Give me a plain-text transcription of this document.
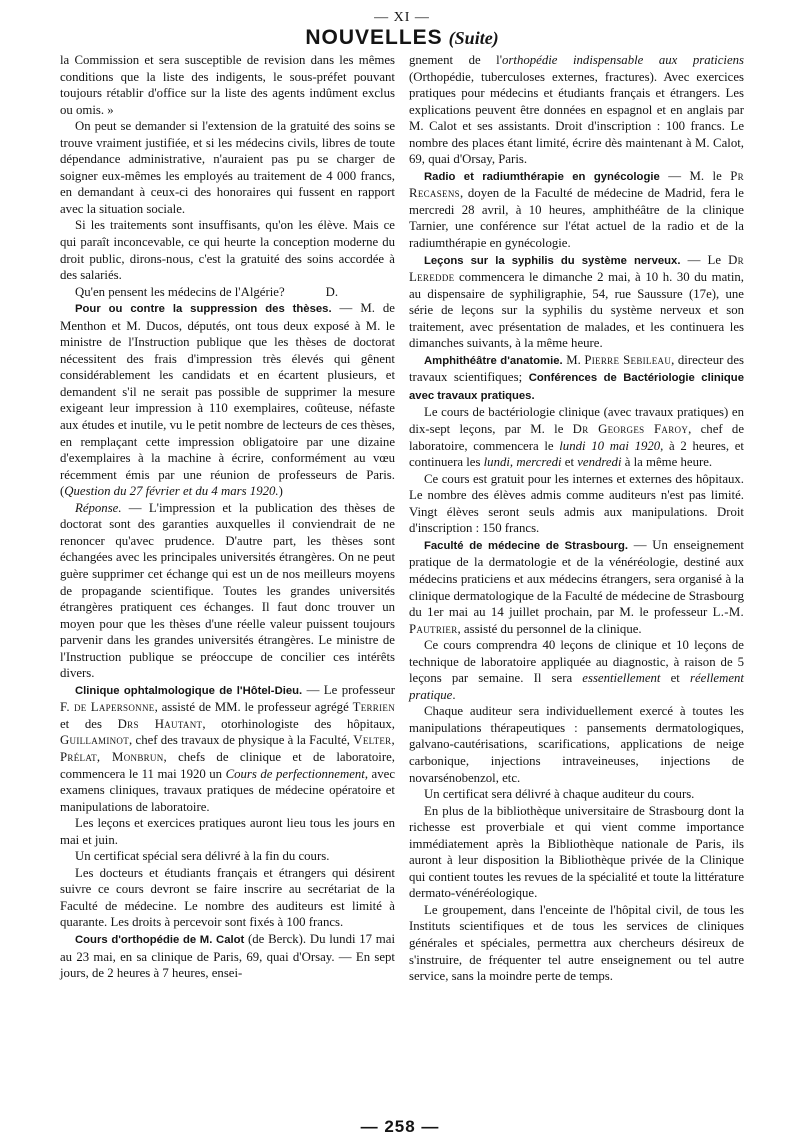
— XI —
NOUVELLES (Suite)

la Commission et sera susceptible de revision dans les mêmes conditions que la liste des indigents, le sous-préfet pouvant toujours rétablir d'office sur la liste des agents indûment exclus ou omis. »

On peut se demander si l'extension de la gratuité des soins se trouve vraiment justifiée, et si les médecins civils, libres de toute dépendance administrative, n'auraient pas pu se charger de soigner eux-mêmes les employés au traitement de 4 000 francs, en demandant à ceux-ci des honoraires qui fussent en rapport avec la situation sociale.

Si les traitements sont insuffisants, qu'on les élève. Mais ce qui paraît inconcevable, ce qui heurte la conception moderne du droit public, dirons-nous, c'est la gratuité des soins accordée à des salariés.

Qu'en pensent les médecins de l'Algérie?	D.

Pour ou contre la suppression des thèses. — M. de Menthon et M. Ducos, députés, ont tous deux exposé à M. le ministre de l'Instruction publique que les thèses de doctorat nécessitent des frais d'impression très élevés qui gênent considérablement les candidats et en écartent plusieurs, et demandent s'il ne serait pas possible de supprimer la mesure exigeant leur impression à 110 exemplaires, coûteuse, néfaste aux études et inutile, vu le petit nombre de lecteurs de ces thèses, en remplaçant cette impression obligatoire par une dizaine d'exemplaires à la machine à écrire, conformément au vœu récemment émis par une réunion de professeurs de Paris. (Question du 27 février et du 4 mars 1920.)

Réponse. — L'impression et la publication des thèses de doctorat sont des garanties auxquelles il conviendrait de ne renoncer qu'avec prudence. D'autre part, les thèses sont échangées avec les principales universités étrangères. On ne peut guère supprimer cet échange qui est un de nos meilleurs moyens de propagande scientifique. Toutes les grandes universités étrangères pratiquent ces échanges. Il faut donc trouver un moyen pour que les thèses d'une réelle valeur puissent toujours parvenir dans les grandes universités étrangères. Le ministre de l'Instruction publique se préoccupe de concilier ces intérêts divers.

Clinique ophtalmologique de l'Hôtel-Dieu. — Le professeur F. de Lapersonne, assisté de MM. le professeur agrégé Terrien et des Drs Hautant, otorhinologiste des hôpitaux, Guillaminot, chef des travaux de physique à la Faculté, Velter, Prélat, Monbrun, chefs de clinique et de laboratoire, commencera le 11 mai 1920 un Cours de perfectionnement, avec examens cliniques, travaux pratiques de médecine opératoire et manipulations de laboratoire.

Les leçons et exercices pratiques auront lieu tous les jours en mai et juin.

Un certificat spécial sera délivré à la fin du cours.

Les docteurs et étudiants français et étrangers qui désirent suivre ce cours devront se faire inscrire au secrétariat de la Faculté de médecine. Le nombre des auditeurs est limité à quarante. Les droits à percevoir sont fixés à 100 francs.

Cours d'orthopédie de M. Calot (de Berck). Du lundi 17 mai au 23 mai, en sa clinique de Paris, 69, quai d'Orsay. — En sept jours, de 2 heures à 7 heures, ensei-

gnement de l'orthopédie indispensable aux praticiens (Orthopédie, tuberculoses externes, fractures). Avec exercices pratiques pour médecins et étudiants français et étrangers. Les explications peuvent être données en espagnol et en anglais par M. Calot et ses assistants. Droit d'inscription : 100 francs. Le nombre des places étant limité, écrire dès maintenant à M. Calot, 69, quai d'Orsay, Paris.

Radio et radiumthérapie en gynécologie — M. le Pr Recasens, doyen de la Faculté de médecine de Madrid, fera le mercredi 28 avril, à 10 heures, amphithéâtre de la clinique Tarnier, une conférence sur l'état actuel de la radio et de la radiumthérapie en gynécologie.

Leçons sur la syphilis du système nerveux. — Le Dr Leredde commencera le dimanche 2 mai, à 10 h. 30 du matin, au dispensaire de syphiligraphie, 54, rue Saussure (17e), une série de leçons sur la syphilis du système nerveux et son traitement, avec présentation de malades, et les continuera les dimanches suivants, à la même heure.

Amphithéâtre d'anatomie. M. Pierre Sebileau, directeur des travaux scientifiques; Conférences de Bactériologie clinique avec travaux pratiques.

Le cours de bactériologie clinique (avec travaux pratiques) en dix-sept leçons, par M. le Dr Georges Faroy, chef de laboratoire, commencera le lundi 10 mai 1920, à 2 heures, et continuera les lundi, mercredi et vendredi à la même heure.

Ce cours est gratuit pour les internes et externes des hôpitaux. Le nombre des élèves admis comme auditeurs n'est pas limité. Vingt élèves seront seuls admis aux manipulations. Droit d'inscription : 150 francs.

Faculté de médecine de Strasbourg. — Un enseignement pratique de la dermatologie et de la vénéréologie, destiné aux médecins praticiens et aux médecins étrangers, sera organisé à la clinique dermatologique de la Faculté de médecine de Strasbourg du 1er mai au 14 juillet prochain, par M. le professeur L.-M. Pautrier, assisté du personnel de la clinique.

Ce cours comprendra 40 leçons de clinique et 10 leçons de technique de laboratoire appliquée au diagnostic, à raison de 5 leçons par semaine. Il sera essentiellement et réellement pratique.

Chaque auditeur sera individuellement exercé à toutes les manipulations thérapeutiques : pansements dermatologiques, galvano-cautérisations, scarifications, applications de neige carbonique, injections intraveineuses, injections de novarsénobenzol, etc.

Un certificat sera délivré à chaque auditeur du cours.

En plus de la bibliothèque universitaire de Strasbourg dont la richesse est proverbiale et qui vient comme importance immédiatement après la Bibliothèque nationale de Paris, ils auront à leur disposition la Bibliothèque privée de la Clinique qui contient toutes les revues de la spécialité et toute la littérature dermato-vénéréologique.

Le groupement, dans l'enceinte de l'hôpital civil, de tous les Instituts scientifiques et de tous les services de cliniques générales et spéciales, permettra aux chercheurs désireux de s'instruire, de fréquenter tel autre enseignement ou tel autre service, sans la moindre perte de temps.

— 258 —
